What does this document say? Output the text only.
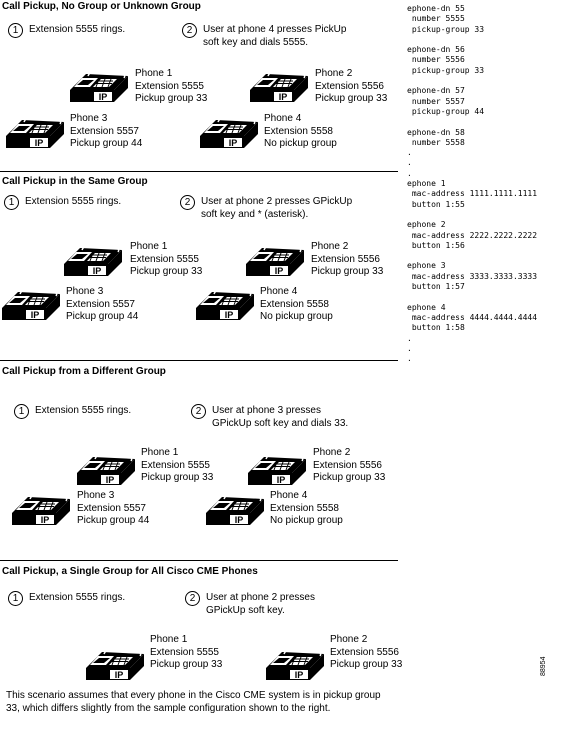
Call Pickup, No Group or Unknown Group
1	Extension 5555 rings.	2	User at phone 4 presses PickUp
soft key and dials 5555.
IP
Phone 1
Extension 5555
Pickup group 33	IP
Phone 2
Extension 5556
Pickup group 33
IP
Phone 3
Extension 5557
Pickup group 44	IP
Phone 4
Extension 5558
No pickup group
Call Pickup in the Same Group
1	Extension 5555 rings.	2	User at phone 2 presses GPickUp
soft key and * (asterisk).
IP
Phone 1
Extension 5555
Pickup group 33	IP
Phone 2
Extension 5556
Pickup group 33
IP
Phone 3
Extension 5557
Pickup group 44	IP
Phone 4
Extension 5558
No pickup group
Call Pickup from a Different Group
1	Extension 5555 rings.	2	User at phone 3 presses
GPickUp soft key and dials 33.
IP
Phone 1
Extension 5555
Pickup group 33	IP
Phone 2
Extension 5556
Pickup group 33
IP
Phone 3
Extension 5557
Pickup group 44	IP
Phone 4
Extension 5558
No pickup group
Call Pickup, a Single Group for All Cisco CME Phones
1	Extension 5555 rings.	2	User at phone 2 presses
GPickUp soft key.
IP
Phone 1
Extension 5555
Pickup group 33
IP
Phone 2
Extension 5556
Pickup group 33
This scenario assumes that every phone in the Cisco CME system is in pickup group
33, which differs slightly from the sample configuration shown to the right.
ephone-dn 55
number 5555
pickup-group 33
ephone-dn 56
number 5556
pickup-group 33
ephone-dn 57
number 5557
pickup-group 44
ephone-dn 58
number 5558
.
.
.
ephone 1
mac-address 1111.1111.1111
button 1:55
ephone 2
mac-address 2222.2222.2222
button 1:56
ephone 3
mac-address 3333.3333.3333
button 1:57
ephone 4
mac-address 4444.4444.4444
button 1:58
.
.
.
88954
